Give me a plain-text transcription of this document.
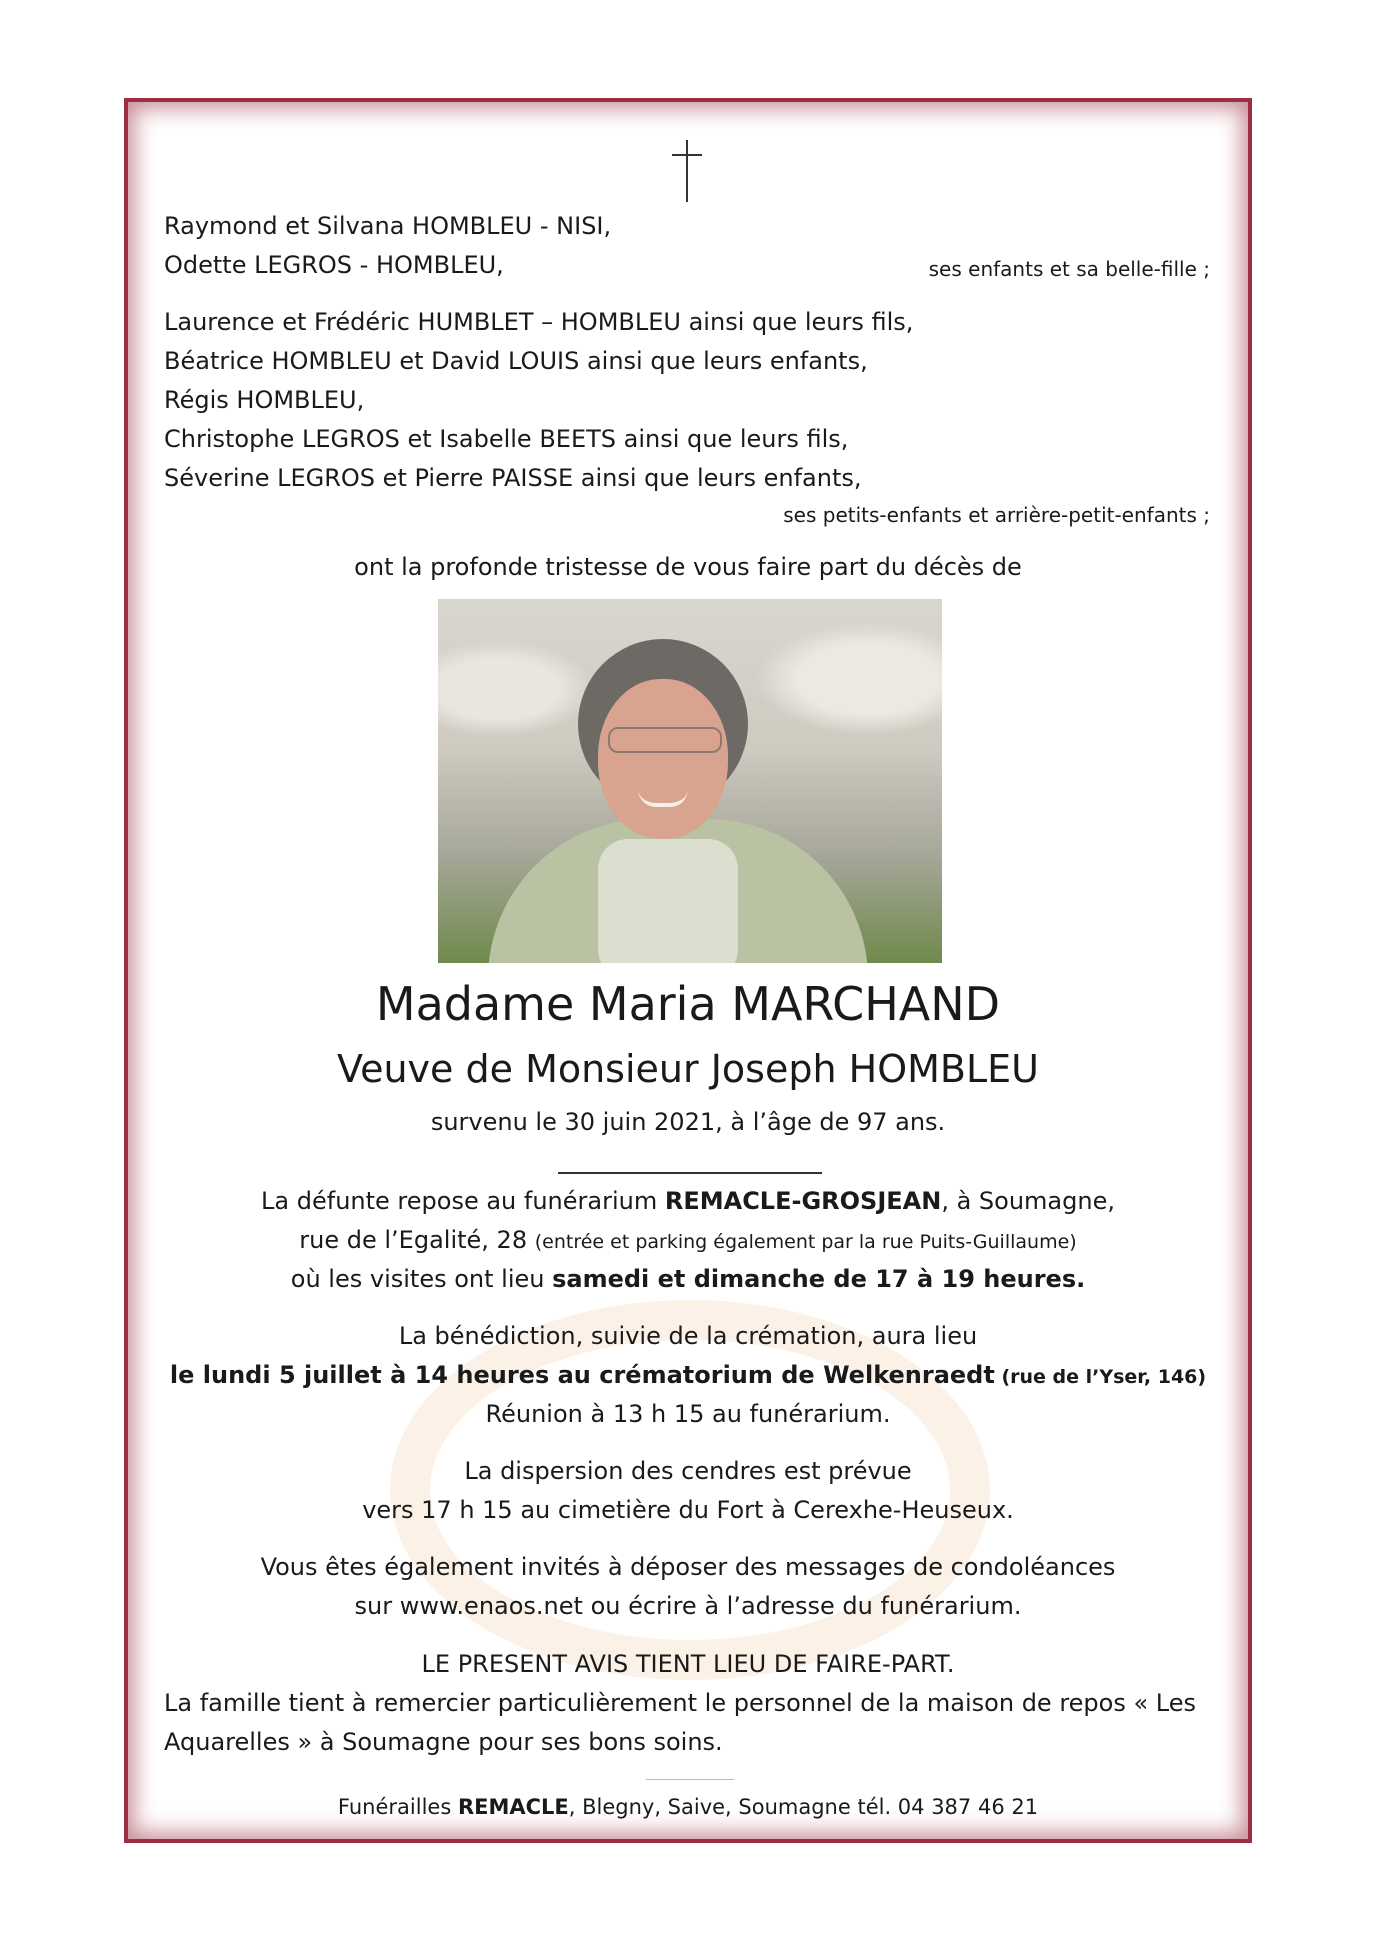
Raymond et Silvana HOMBLEU - NISI,
Odette LEGROS - HOMBLEU,	ses enfants et sa belle-fille ;
Laurence et Frédéric HUMBLET – HOMBLEU ainsi que leurs fils,
Béatrice HOMBLEU et David LOUIS ainsi que leurs enfants,
Régis HOMBLEU,
Christophe LEGROS et Isabelle BEETS ainsi que leurs fils,
Séverine LEGROS et Pierre PAISSE ainsi que leurs enfants,
ses petits-enfants et arrière-petit-enfants ;
ont la profonde tristesse de vous faire part du décès de
Madame Maria MARCHAND
Veuve de Monsieur Joseph HOMBLEU
survenu le 30 juin 2021, à l’âge de 97 ans.
La défunte repose au funérarium REMACLE-GROSJEAN, à Soumagne,
rue de l’Egalité, 28 (entrée et parking également par la rue Puits-Guillaume)
où les visites ont lieu samedi et dimanche de 17 à 19 heures.
La bénédiction, suivie de la crémation, aura lieu
le lundi 5 juillet à 14 heures au crématorium de Welkenraedt (rue de l’Yser, 146)
Réunion à 13 h 15 au funérarium.
La dispersion des cendres est prévue
vers 17 h 15 au cimetière du Fort à Cerexhe-Heuseux.
Vous êtes également invités à déposer des messages de condoléances
sur www.enaos.net ou écrire à l’adresse du funérarium.
LE PRESENT AVIS TIENT LIEU DE FAIRE-PART.
La famille tient à remercier particulièrement le personnel de la maison de repos « Les
Aquarelles » à Soumagne pour ses bons soins.
Funérailles REMACLE, Blegny, Saive, Soumagne tél. 04 387 46 21
